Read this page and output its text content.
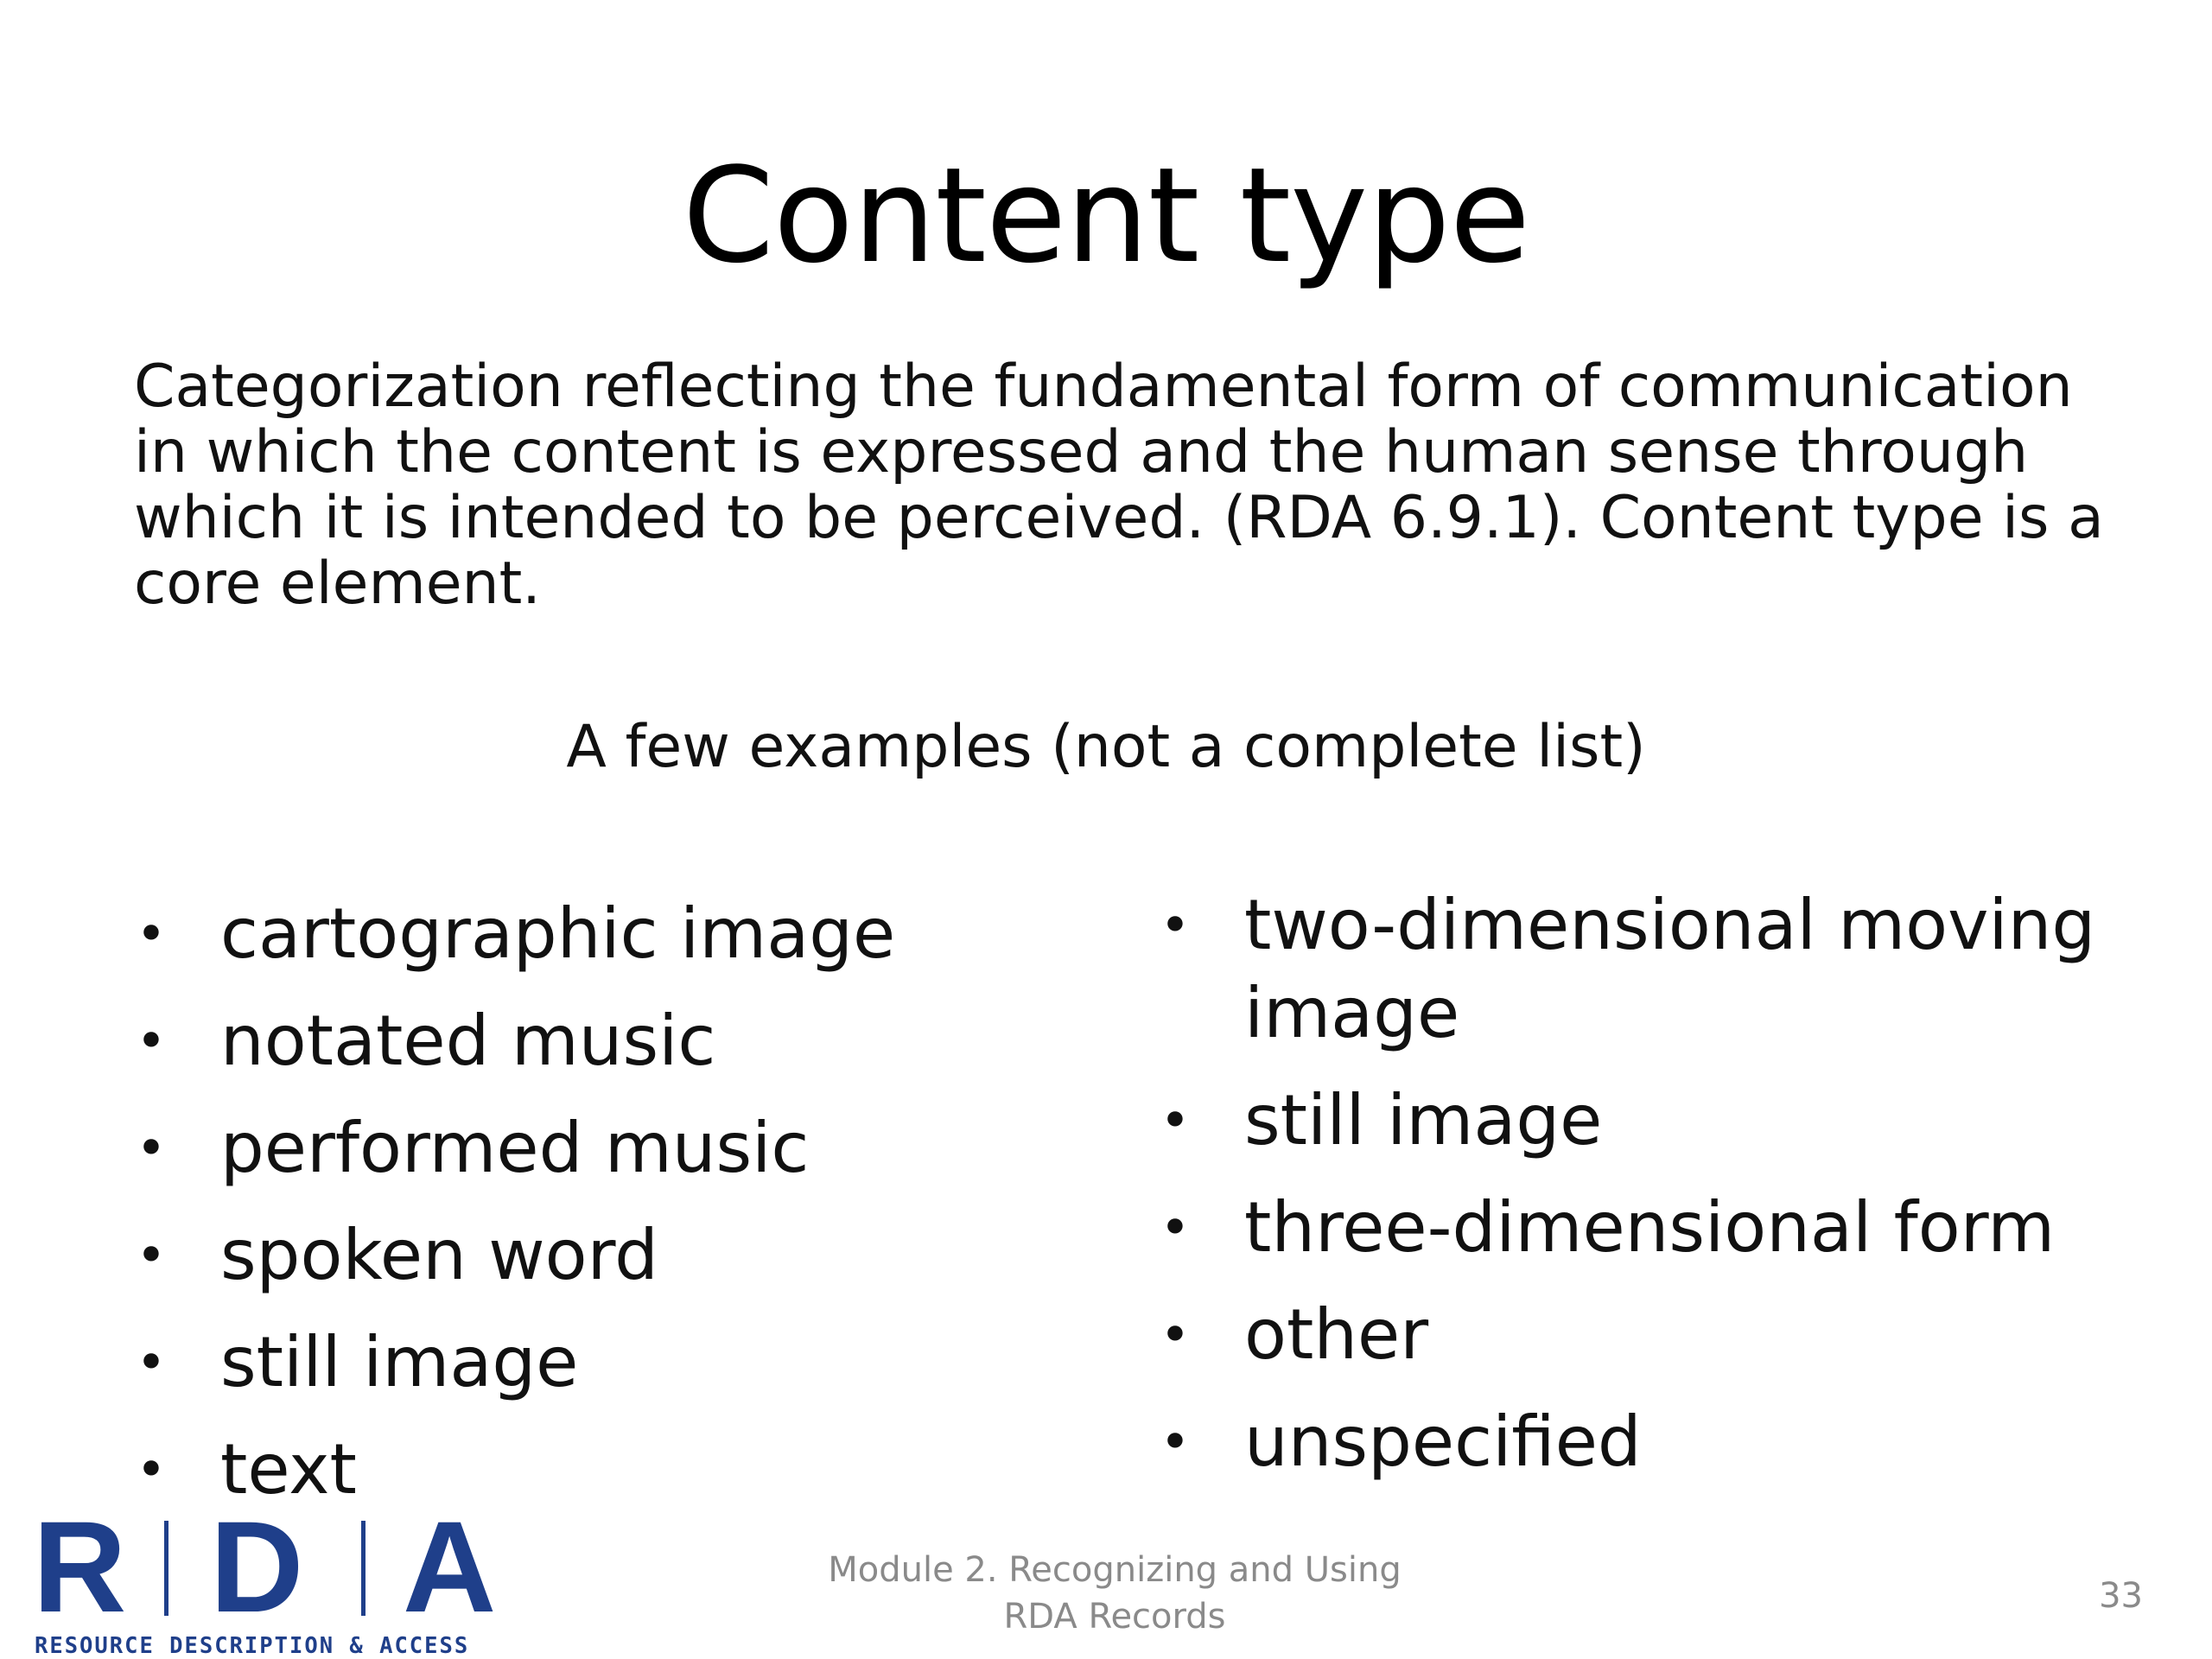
Content type
Categorization reflecting the fundamental form of communication in which the content is expressed and the human sense through which it is intended to be perceived. (RDA 6.9.1). Content type is a core element.
A few examples (not a complete list)
• cartographic image
• notated music
• performed music
• spoken word
• still image
• text
• two-dimensional moving image
• still image
• three-dimensional form
• other
• unspecified
R D A
RESOURCE DESCRIPTION & ACCESS
Module 2. Recognizing and Using RDA Records
33
